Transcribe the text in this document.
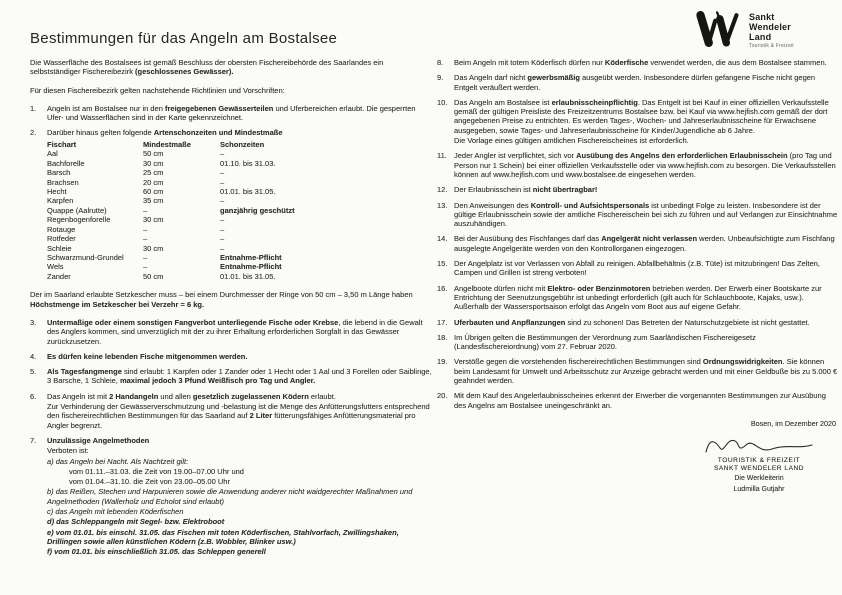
Sankt
Wendeler
Land
Touristik & Freizeit
Bestimmungen für das Angeln am Bostalsee

Die Wasserfläche des Bostalsees ist gemäß Beschluss der obersten Fischereibehörde des Saarlandes ein selbstständiger Fischereibezirk (geschlossenes Gewässer).

Für diesen Fischereibezirk gelten nachstehende Richtlinien und Vorschriften:

1.	Angeln ist am Bostalsee nur in den freigegebenen Gewässerteilen und Uferbereichen erlaubt. Die gesperrten Ufer- und Wasserflächen sind in der Karte gekennzeichnet.

2.	Darüber hinaus gelten folgende Artenschonzeiten und Mindestmaße

Fischart	Mindestmaße	Schonzeiten
Aal	50 cm	–
Bachforelle	30 cm	01.10. bis 31.03.
Barsch	25 cm	–
Brachsen	20 cm	–
Hecht	60 cm	01.01. bis 31.05.
Karpfen	35 cm	–
Quappe (Aalrutte)	–	ganzjährig geschützt
Regenbogenforelle	30 cm	–
Rotauge	–	–
Rotfeder	–	–
Schleie	30 cm	–
Schwarzmund-Grundel	–	Entnahme-Pflicht
Wels	–	Entnahme-Pflicht
Zander	50 cm	01.01. bis 31.05.

Der im Saarland erlaubte Setzkescher muss – bei einem Durchmesser der Ringe von 50 cm – 3,50 m Länge haben Höchstmenge im Setzkescher bei Verzehr = 6 kg.

3.	Untermaßige oder einem sonstigen Fangverbot unterliegende Fische oder Krebse, die lebend in die Gewalt des Anglers kommen, sind unverzüglich mit der zu ihrer Erhaltung erforderlichen Sorgfalt in das Gewässer zurückzusetzen.

4.	Es dürfen keine lebenden Fische mitgenommen werden.

5.	Als Tagesfangmenge sind erlaubt: 1 Karpfen oder 1 Zander oder 1 Hecht oder 1 Aal und 3 Forellen oder Saiblinge, 3 Barsche, 1 Schleie, maximal jedoch 3 Pfund Weißfisch pro Tag und Angler.

6.	Das Angeln ist mit 2 Handangeln und allen gesetzlich zugelassenen Ködern erlaubt.

Zur Verhinderung der Gewässerverschmutzung und -belastung ist die Menge des Anfütterungsfutters entsprechend den fischereirechtlichen Bestimmungen für das Saarland auf 2 Liter fütterungsfähiges Anfütterungsmaterial pro Angler begrenzt.

7.	Unzulässige Angelmethoden

Verboten ist:

a) das Angeln bei Nacht. Als Nachtzeit gilt:

vom 01.11.–31.03. die Zeit von 19.00–07.00 Uhr und

vom 01.04.–31.10. die Zeit von 23.00–05.00 Uhr

b) das Reißen, Stechen und Harpunieren sowie die Anwendung anderer nicht waidgerechter Maßnahmen und Angelmethoden (Wallerholz und Echolot sind erlaubt)

c) das Angeln mit lebenden Köderfischen

d) das Schleppangeln mit Segel- bzw. Elektroboot

e) vom 01.01. bis einschl. 31.05. das Fischen mit toten Köderfischen, Stahlvorfach, Zwillingshaken, Drillingen sowie allen künstlichen Ködern (z.B. Wobbler, Blinker usw.)

f) vom 01.01. bis einschließlich 31.05. das Schleppen generell

8.	Beim Angeln mit totem Köderfisch dürfen nur Köderfische verwendet werden, die aus dem Bostalsee stammen.

9.	Das Angeln darf nicht gewerbsmäßig ausgeübt werden. Insbesondere dürfen gefangene Fische nicht gegen Entgelt veräußert werden.

10. Das Angeln am Bostalsee ist erlaubnisscheinpflichtig. Das Entgelt ist bei Kauf in einer offiziellen Verkaufsstelle gemäß der gültigen Preisliste des Freizeitzentrums Bostalsee bzw. bei Kauf via www.hejfish.com gemäß der dort angegebenen Preise zu entrichten. Es werden Tages-, Wochen- und Jahreserlaubnisscheine für Erwachsene ausgegeben, sowie Tages- und Jahreserlaubnisscheine für Kinder/Jugendliche ab 6 Jahre.

Die Vorlage eines gültigen amtlichen Fischereischeines ist erforderlich.

11. Jeder Angler ist verpflichtet, sich vor Ausübung des Angelns den erforderlichen Erlaubnisschein (pro Tag und Person nur 1 Schein) bei einer offiziellen Verkaufsstelle oder via www.hejfish.com zu besorgen. Die Verkaufsstellen können auf www.hejfish.com und www.bostalsee.de eingesehen werden.

12. Der Erlaubnisschein ist nicht übertragbar!

13. Den Anweisungen des Kontroll- und Aufsichtspersonals ist unbedingt Folge zu leisten. Insbesondere ist der gültige Erlaubnisschein sowie der amtliche Fischereischein bei sich zu führen und auf Verlangen zur Einsichtnahme auszuhändigen.

14. Bei der Ausübung des Fischfanges darf das Angelgerät nicht verlassen werden. Unbeaufsichtigte zum Fischfang ausgelegte Angelgeräte werden von den Kontrollorganen eingezogen.

15. Der Angelplatz ist vor Verlassen von Abfall zu reinigen. Abfallbehältnis (z.B. Tüte) ist mitzubringen! Das Zelten, Campen und Grillen ist streng verboten!

16. Angelboote dürfen nicht mit Elektro- oder Benzinmotoren betrieben werden. Der Erwerb einer Bootskarte zur Entrichtung der Seenutzungsgebühr ist unbedingt erforderlich (gilt auch für Schlauchboote, Kajaks, usw.). Außerhalb der Wassersportsaison erfolgt das Angeln vom Boot aus auf eigene Gefahr.

17. Uferbauten und Anpflanzungen sind zu schonen! Das Betreten der Naturschutzgebiete ist nicht gestattet.

18. Im Übrigen gelten die Bestimmungen der Verordnung zum Saarländischen Fischereigesetz (Landesfischereiordnung) vom 27. Februar 2020.

19. Verstöße gegen die vorstehenden fischereirechtlichen Bestimmungen sind Ordnungswidrigkeiten. Sie können beim Landesamt für Umwelt und Arbeitsschutz zur Anzeige gebracht werden und mit einer Geldbuße bis zu 5.000 € geahndet werden.

20. Mit dem Kauf des Angelerlaubnisscheines erkennt der Erwerber die vorgenannten Bestimmungen zur Ausübung des Angelns am Bostalsee uneingeschränkt an.

Bosen, im Dezember 2020
TOURISTIK & FREIZEIT
SANKT WENDELER LAND
Die Werkleiterin
Ludmilla Gutjahr
